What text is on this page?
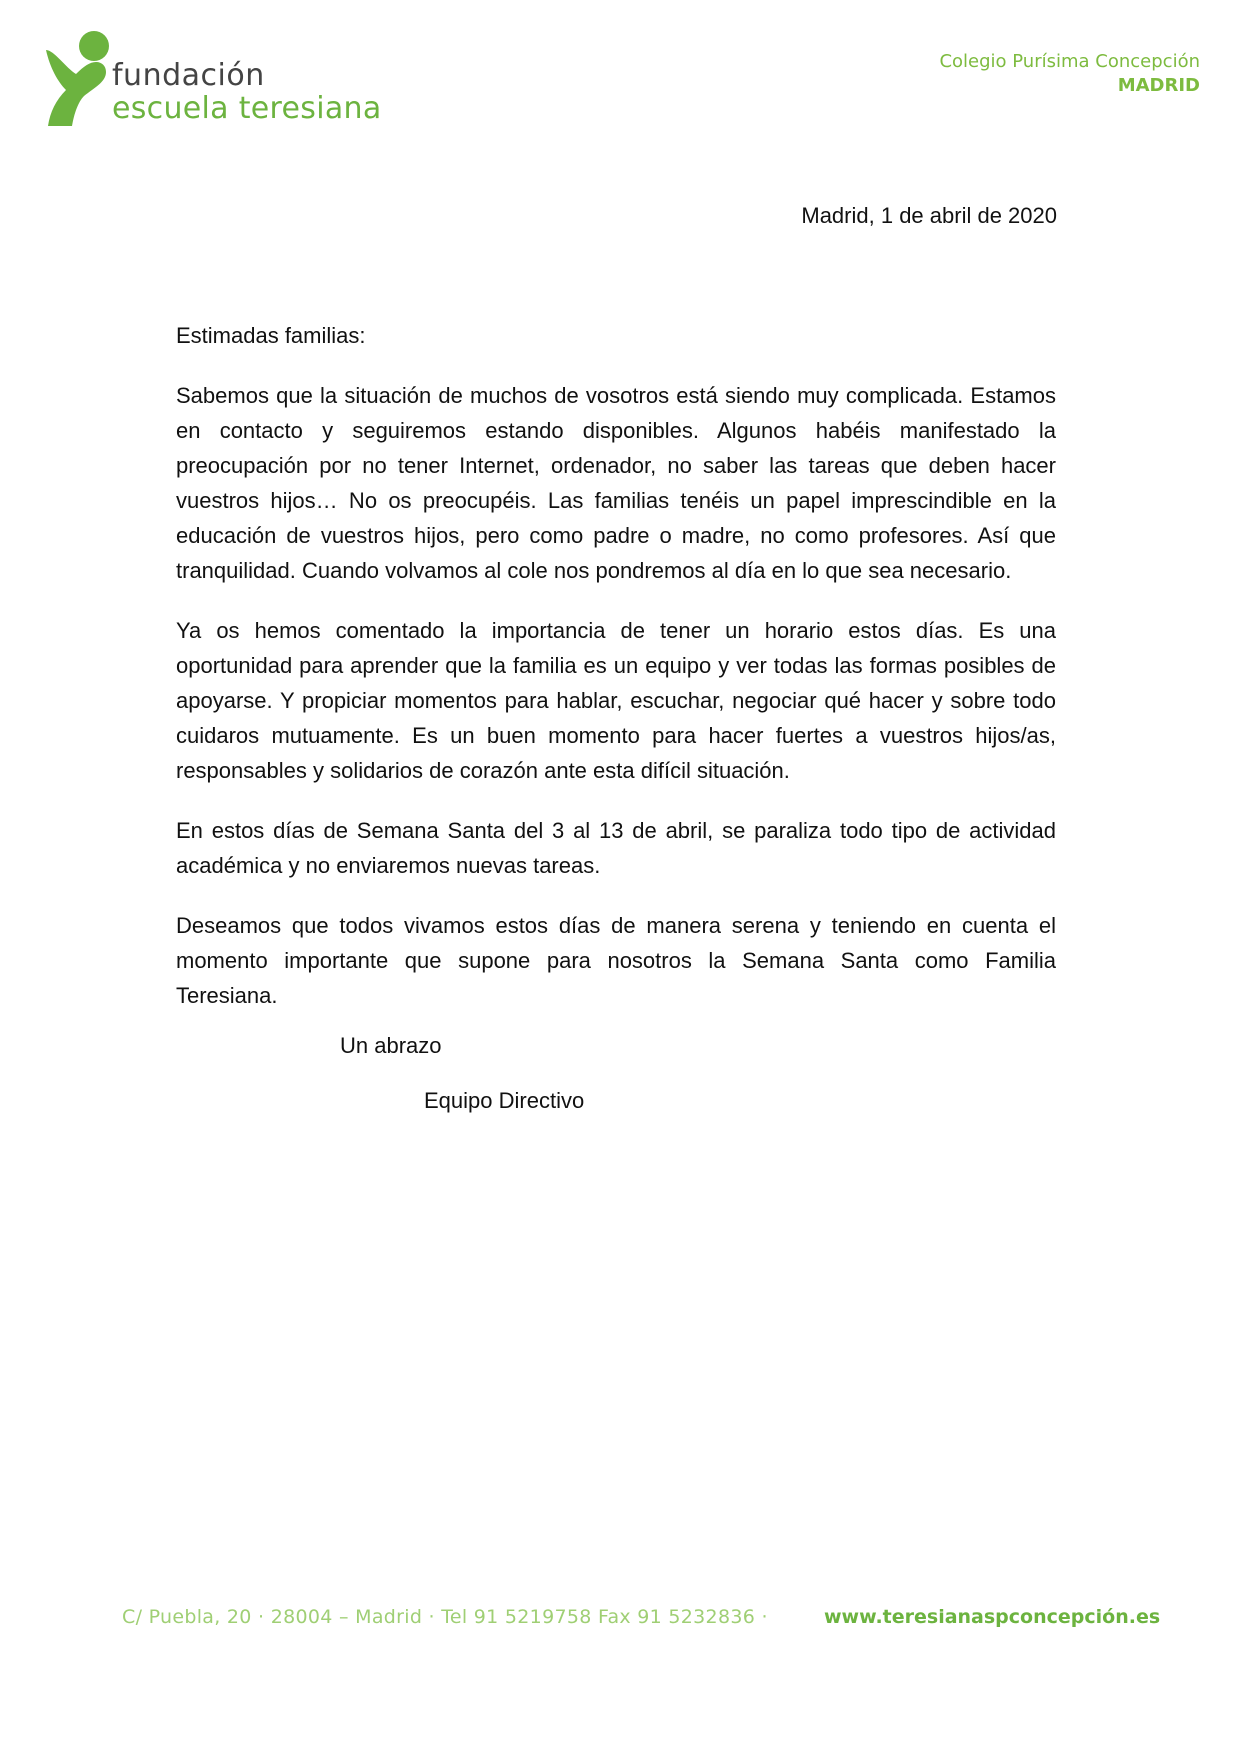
fundación
escuela teresiana
Colegio Purísima Concepción
MADRID
Madrid, 1 de abril de 2020

Estimadas familias:

Sabemos que la situación de muchos de vosotros está siendo muy complicada. Estamos en contacto y seguiremos estando disponibles. Algunos habéis manifestado la preocupación por no tener Internet, ordenador, no saber las tareas que deben hacer vuestros hijos… No os preocupéis. Las familias tenéis un papel imprescindible en la educación de vuestros hijos, pero como padre o madre, no como profesores. Así que tranquilidad. Cuando volvamos al cole nos pondremos al día en lo que sea necesario.

Ya os hemos comentado la importancia de tener un horario estos días. Es una oportunidad para aprender que la familia es un equipo y ver todas las formas posibles de apoyarse. Y propiciar momentos para hablar, escuchar, negociar qué hacer y sobre todo cuidaros mutuamente. Es un buen momento para hacer fuertes a vuestros hijos/as, responsables y solidarios de corazón ante esta difícil situación.

En estos días de Semana Santa del 3 al 13 de abril, se paraliza todo tipo de actividad académica y no enviaremos nuevas tareas.

Deseamos que todos vivamos estos días de manera serena y teniendo en cuenta el momento importante que supone para nosotros la Semana Santa como Familia Teresiana.

Un abrazo
Equipo Directivo
C/ Puebla, 20 · 28004 – Madrid · Tel 91 5219758 Fax 91 5232836 ·	www.teresianaspconcepción.es
